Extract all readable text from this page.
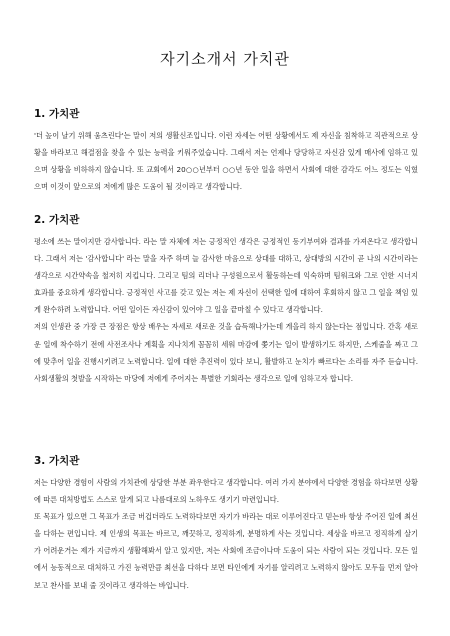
자기소개서 가치관
1. 가치관

'더 높이 날기 위해 움츠린다'는 말이 저의 생활신조입니다. 이런 자세는 어떤 상황에서도 제 자신을 침착하고 직관적으로 상황을 바라보고 해결점을 찾을 수 있는 능력을 키워주었습니다. 그래서 저는 언제나 당당하고 자신감 있게 매사에 임하고 있으며 상황을 비하하지 않습니다. 또 교회에서 20○○년부터 ○○년 동안 일을 하면서 사회에 대한 감각도 어느 정도는 익혔으며 이것이 앞으로의 저에게 많은 도움이 될 것이라고 생각합니다.

2. 가치관

평소에 쓰는 말이지만 감사합니다. 라는 말 자체에 저는 긍정적인 생각은 긍정적인 동기부여와 결과를 가져온다고 생각합니다. 그래서 저는 '감사합니다' 라는 말을 자주 하며 늘 감사한 마음으로 상대를 대하고, 상대방의 시간이 곧 나의 시간이라는 생각으로 시간약속을 철저히 지킵니다. 그리고 팀의 리더나 구성원으로서 활동하는데 익숙하며 팀워크와 그로 인한 시너지 효과를 중요하게 생각합니다. 긍정적인 사고를 갖고 있는 저는 제 자신이 선택한 일에 대하여 후회하지 않고 그 일을 책임 있게 완수하려 노력합니다. 어떤 일이든 자신감이 있어야 그 일을 끝마칠 수 있다고 생각합니다.

저의 인생관 중 가장 큰 장점은 항상 배우는 자세로 새로운 것을 습득해나가는데 게을리 하지 않는다는 점입니다. 간혹 새로운 일에 착수하기 전에 사전조사나 계획을 지나치게 꼼꼼히 세워 마감에 쫓기는 일이 발생하기도 하지만, 스케줄을 짜고 그에 맞추어 일을 진행시키려고 노력합니다. 일에 대한 추진력이 있다 보니, 활발하고 눈치가 빠르다는 소리를 자주 듣습니다. 사회생활의 첫발을 시작하는 마당에 저에게 주어지는 특별한 기회라는 생각으로 일에 임하고자 합니다.

3. 가치관

저는 다양한 경험이 사람의 가치관에 상당한 부분 좌우한다고 생각합니다. 여러 가지 분야에서 다양한 경험을 하다보면 상황에 따른 대처방법도 스스로 알게 되고 나름대로의 노하우도 생기기 마련입니다.

또 목표가 있으면 그 목표가 조금 버겁더라도 노력하다보면 자기가 바라는 대로 이루어진다고 믿는바 항상 주어진 일에 최선을 다하는 편입니다. 제 인생의 목표는 바르고, 깨끗하고, 정직하게, 분명하게 사는 것입니다. 세상을 바르고 정직하게 살기가 어려운거는 제가 지금까지 생활해봐서 알고 있지만, 저는 사회에 조금이나마 도움이 되는 사람이 되는 것입니다. 모든 일에서 능동적으로 대처하고 가진 능력만큼 최선을 다하다 보면 타인에게 자기를 알리려고 노력하지 않아도 모두들 먼저 알아보고 찬사를 보내 줄 것이라고 생각하는 바입니다.
